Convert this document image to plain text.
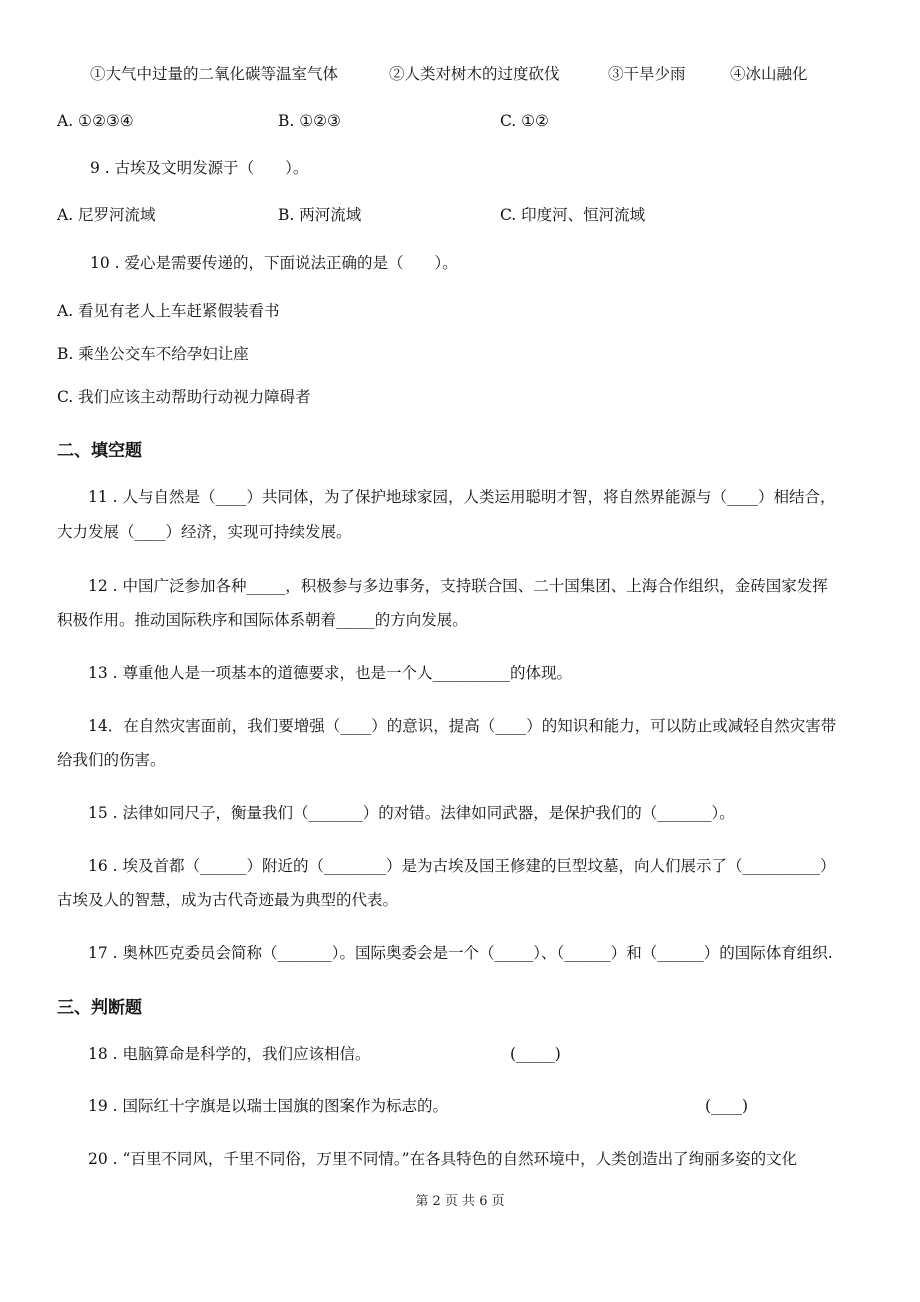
①大气中过量的二氧化碳等温室气体	②人类对树木的过度砍伐	③干旱少雨	④冰山融化
A. ①②③④	B. ①②③	C. ①②
9 . 古埃及文明发源于（　　）。
A. 尼罗河流域	B. 两河流域	C. 印度河、恒河流域
10 . 爱心是需要传递的，下面说法正确的是（　　）。
A. 看见有老人上车赶紧假装看书
B. 乘坐公交车不给孕妇让座
C. 我们应该主动帮助行动视力障碍者
二、填空题
11 . 人与自然是（____）共同体，为了保护地球家园，人类运用聪明才智，将自然界能源与（____）相结合，
大力发展（____）经济，实现可持续发展。
12 . 中国广泛参加各种_____，积极参与多边事务，支持联合国、二十国集团、上海合作组织，金砖国家发挥
积极作用。推动国际秩序和国际体系朝着_____的方向发展。
13 . 尊重他人是一项基本的道德要求，也是一个人__________的体现。
14．在自然灾害面前，我们要增强（____）的意识，提高（____）的知识和能力，可以防止或减轻自然灾害带
给我们的伤害。
15 . 法律如同尺子，衡量我们（_______）的对错。法律如同武器，是保护我们的（_______）。
16 . 埃及首都（______）附近的（________）是为古埃及国王修建的巨型坟墓，向人们展示了（__________）
古埃及人的智慧，成为古代奇迹最为典型的代表。
17 . 奥林匹克委员会简称（_______）。国际奥委会是一个（_____）、（______）和（______）的国际体育组织.
三、判断题
18 . 电脑算命是科学的，我们应该相信。	(_____)
19 . 国际红十字旗是以瑞士国旗的图案作为标志的。	(____)
20 . “百里不同风，千里不同俗，万里不同情。”在各具特色的自然环境中，人类创造出了绚丽多姿的文化
第 2 页 共 6 页
